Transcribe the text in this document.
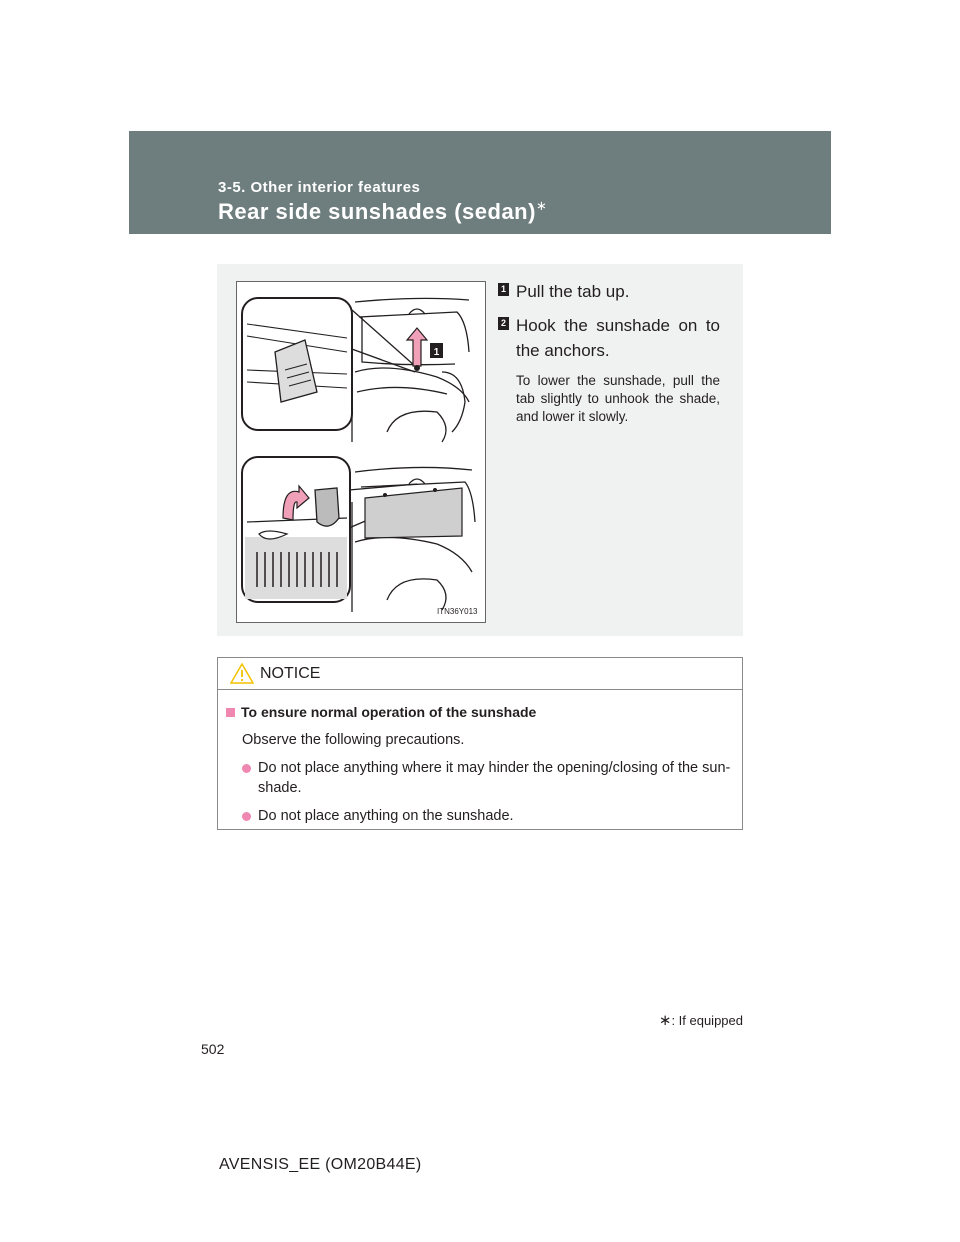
3-5. Other interior features
Rear side sunshades (sedan)∗
1
ITN36Y013
1 Pull the tab up.
2 Hook the sunshade on to the anchors.
To lower the sunshade, pull the tab slightly to unhook the shade, and lower it slowly.
NOTICE
To ensure normal operation of the sunshade
Observe the following precautions.
Do not place anything where it may hinder the opening/closing of the sun-shade.
Do not place anything on the sunshade.
∗: If equipped
502
AVENSIS_EE (OM20B44E)
